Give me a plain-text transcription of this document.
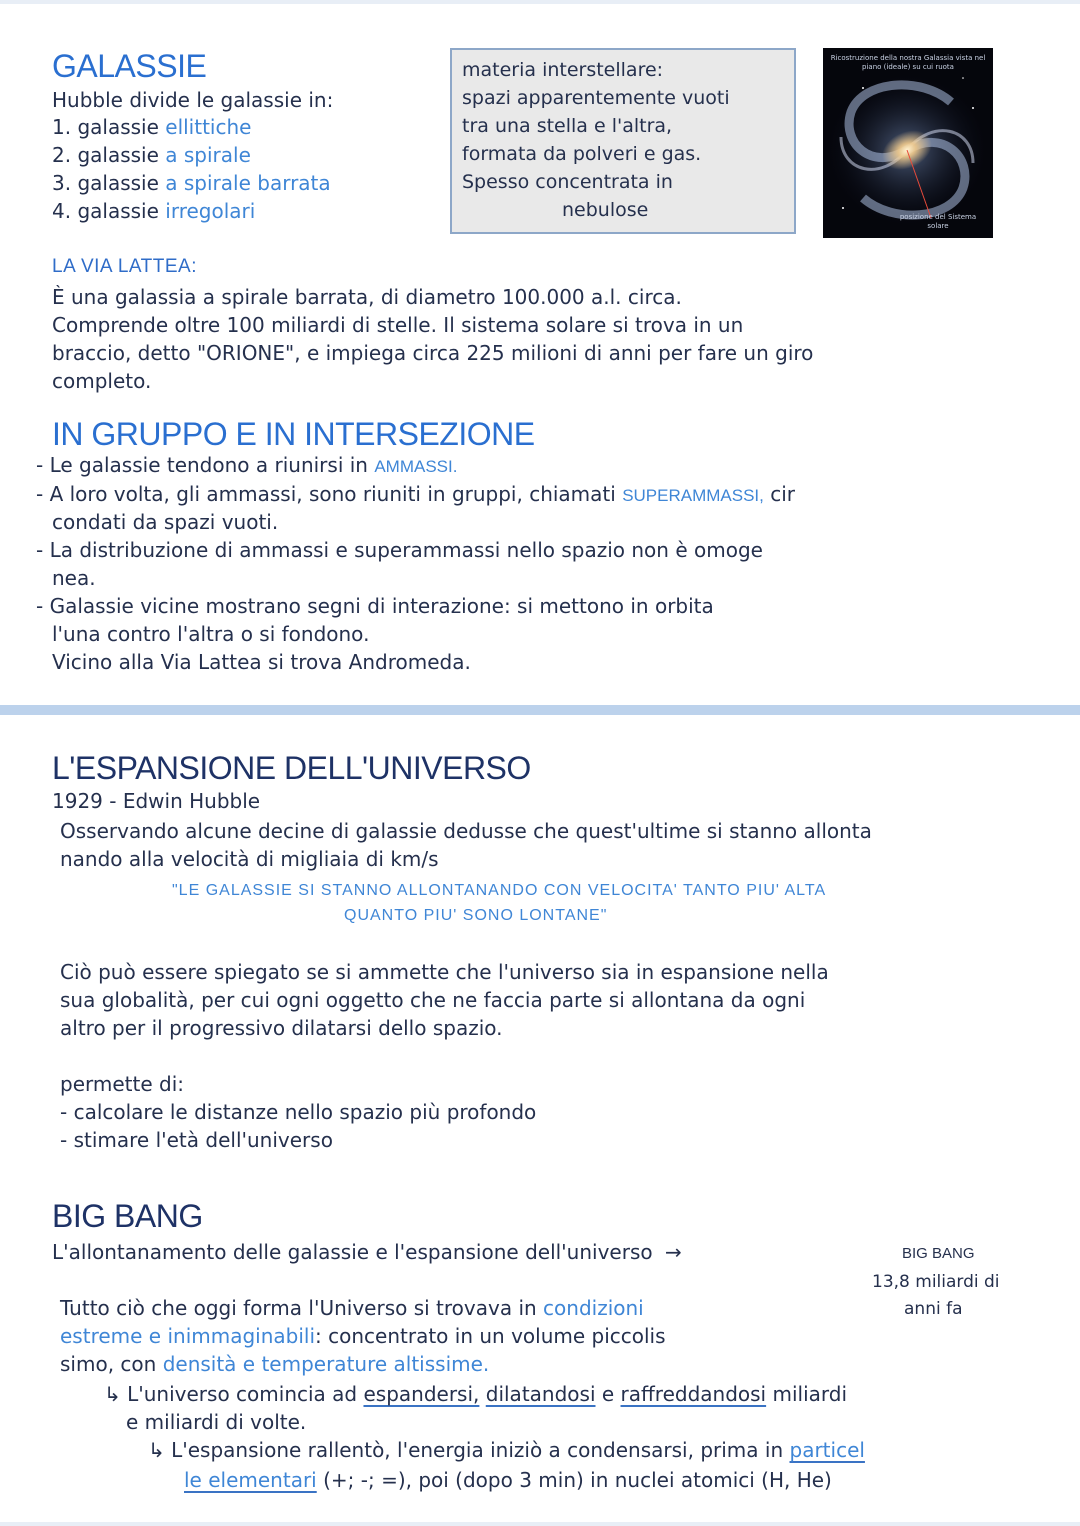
GALASSIE
Hubble divide le galassie in:
1. galassie ellittiche
2. galassie a spirale
3. galassie a spirale barrata
4. galassie irregolari
materia interstellare:
spazi apparentemente vuoti
tra una stella e l'altra,
formata da polveri e gas.
Spesso concentrata in
nebulose
Ricostruzione della nostra Galassia vista nel piano (ideale) su cui ruota
posizione del Sistema solare
LA VIA LATTEA:
È una galassia a spirale barrata, di diametro 100.000 a.l. circa.
Comprende oltre 100 miliardi di stelle. Il sistema solare si trova in un
braccio, detto "ORIONE", e impiega circa 225 milioni di anni per fare un giro
completo.
IN GRUPPO E IN INTERSEZIONE
- Le galassie tendono a riunirsi in AMMASSI.
- A loro volta, gli ammassi, sono riuniti in gruppi, chiamati SUPERAMMASSI, cir
condati da spazi vuoti.
- La distribuzione di ammassi e superammassi nello spazio non è omoge
nea.
- Galassie vicine mostrano segni di interazione: si mettono in orbita
l'una contro l'altra o si fondono.
Vicino alla Via Lattea si trova Andromeda.
L'ESPANSIONE DELL'UNIVERSO
1929 - Edwin Hubble
Osservando alcune decine di galassie dedusse che quest'ultime si stanno allonta
nando alla velocità di migliaia di km/s
"LE GALASSIE SI STANNO ALLONTANANDO CON VELOCITA' TANTO PIU' ALTA
QUANTO PIU' SONO LONTANE"
Ciò può essere spiegato se si ammette che l'universo sia in espansione nella
sua globalità, per cui ogni oggetto che ne faccia parte si allontana da ogni
altro per il progressivo dilatarsi dello spazio.
permette di:
- calcolare le distanze nello spazio più profondo
- stimare l'età dell'universo
BIG BANG
L'allontanamento delle galassie e l'espansione dell'universo →	BIG BANG
13,8 miliardi di
anni fa
Tutto ciò che oggi forma l'Universo si trovava in condizioni
estreme e inimmaginabili: concentrato in un volume piccolis
simo, con densità e temperature altissime.
↳ L'universo comincia ad espandersi, dilatandosi e raffreddandosi miliardi
e miliardi di volte.
↳ L'espansione rallentò, l'energia iniziò a condensarsi, prima in particel
le elementari (+; -; =), poi (dopo 3 min) in nuclei atomici (H, He)
